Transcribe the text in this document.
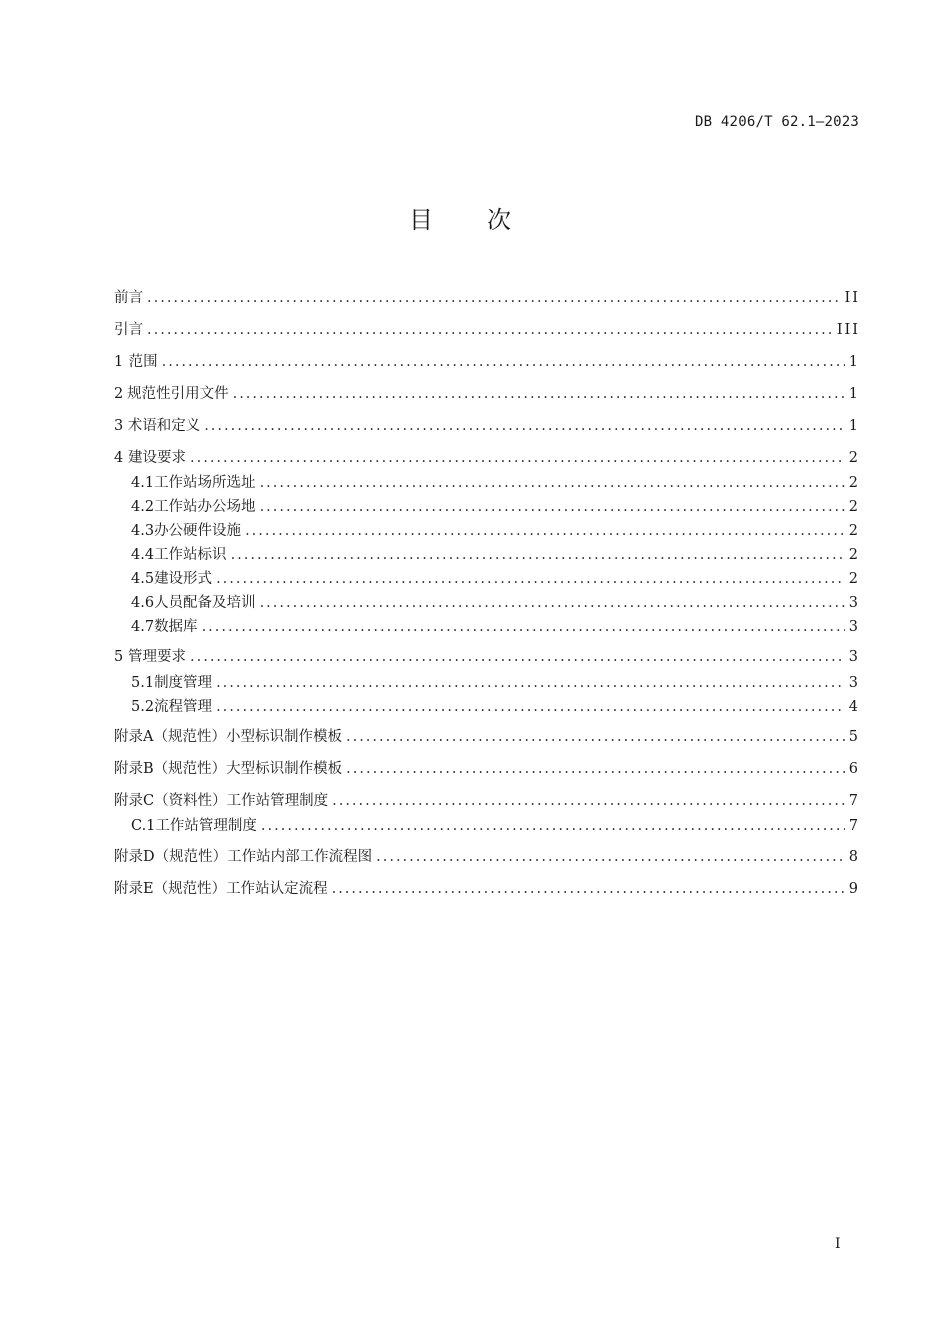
DB 4206/T 62.1—2023
目次
前言 .....	II
引言 .....	III
1 范围 .....	1
2 规范性引用文件 .....	1
3 术语和定义 .....	1
4 建设要求 .....	2
4.1 工作站场所选址 .....	2
4.2 工作站办公场地 .....	2
4.3 办公硬件设施 .....	2
4.4 工作站标识 .....	2
4.5 建设形式 .....	2
4.6 人员配备及培训 .....	3
4.7 数据库 .....	3
5 管理要求 .....	3
5.1 制度管理 .....	3
5.2 流程管理 .....	4
附录A（规范性） 小型标识制作模板 .....	5
附录B（规范性） 大型标识制作模板 .....	6
附录C（资料性） 工作站管理制度 .....	7
C.1 工作站管理制度 .....	7
附录D（规范性） 工作站内部工作流程图 .....	8
附录E（规范性） 工作站认定流程 .....	9
I
